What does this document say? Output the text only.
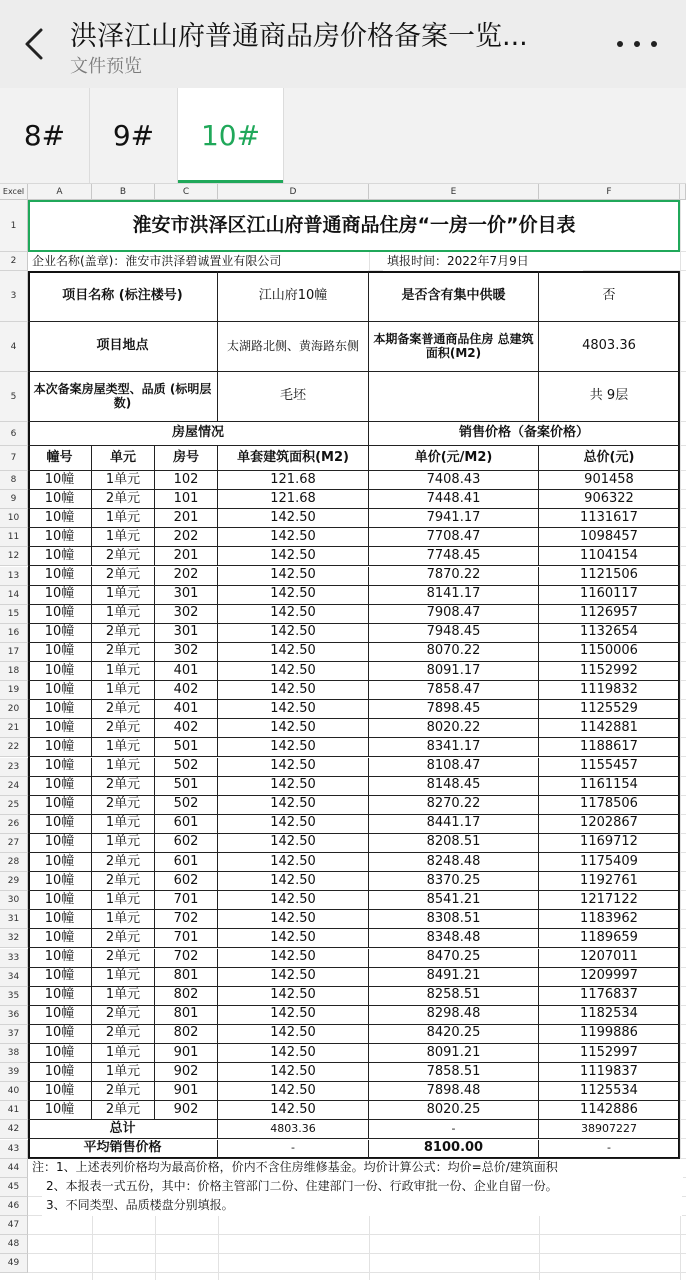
洪泽江山府普通商品房价格备案一览...
文件预览
8#	9#	10#
Excel	A	B	C	D	E	F
1
2
3
4
5
6
7
8
9
10
11
12
13
14
15
16
17
18
19
20
21
22
23
24
25
26
27
28
29
30
31
32
33
34
35
36
37
38
39
40
41
42
43
44
45
46
47
48
49
淮安市洪泽区江山府普通商品住房“一房一价”价目表
企业名称(盖章)：淮安市洪泽碧诚置业有限公司	填报时间：2022年7月9日
项目名称 (标注楼号)	江山府10幢	是否含有集中供暖	否
项目地点	太湖路北侧、黄海路东侧	本期备案普通商品住房 总建筑面积(M2)	4803.36
本次备案房屋类型、品质 (标明层数)	毛坯	共 9层
房屋情况	销售价格（备案价格）
幢号	单元	房号	单套建筑面积(M2)	单价(元/M2)	总价(元)
10幢	1单元	102	121.68	7408.43	901458
10幢	2单元	101	121.68	7448.41	906322
10幢	1单元	201	142.50	7941.17	1131617
10幢	1单元	202	142.50	7708.47	1098457
10幢	2单元	201	142.50	7748.45	1104154
10幢	2单元	202	142.50	7870.22	1121506
10幢	1单元	301	142.50	8141.17	1160117
10幢	1单元	302	142.50	7908.47	1126957
10幢	2单元	301	142.50	7948.45	1132654
10幢	2单元	302	142.50	8070.22	1150006
10幢	1单元	401	142.50	8091.17	1152992
10幢	1单元	402	142.50	7858.47	1119832
10幢	2单元	401	142.50	7898.45	1125529
10幢	2单元	402	142.50	8020.22	1142881
10幢	1单元	501	142.50	8341.17	1188617
10幢	1单元	502	142.50	8108.47	1155457
10幢	2单元	501	142.50	8148.45	1161154
10幢	2单元	502	142.50	8270.22	1178506
10幢	1单元	601	142.50	8441.17	1202867
10幢	1单元	602	142.50	8208.51	1169712
10幢	2单元	601	142.50	8248.48	1175409
10幢	2单元	602	142.50	8370.25	1192761
10幢	1单元	701	142.50	8541.21	1217122
10幢	1单元	702	142.50	8308.51	1183962
10幢	2单元	701	142.50	8348.48	1189659
10幢	2单元	702	142.50	8470.25	1207011
10幢	1单元	801	142.50	8491.21	1209997
10幢	1单元	802	142.50	8258.51	1176837
10幢	2单元	801	142.50	8298.48	1182534
10幢	2单元	802	142.50	8420.25	1199886
10幢	1单元	901	142.50	8091.21	1152997
10幢	1单元	902	142.50	7858.51	1119837
10幢	2单元	901	142.50	7898.48	1125534
10幢	2单元	902	142.50	8020.25	1142886
总计	4803.36	-	38907227
平均销售价格	-	8100.00	-
注：1、上述表列价格均为最高价格，价内不含住房维修基金。均价计算公式：均价=总价/建筑面积
2、本报表一式五份，其中：价格主管部门二份、住建部门一份、行政审批一份、企业自留一份。
3、不同类型、品质楼盘分别填报。
